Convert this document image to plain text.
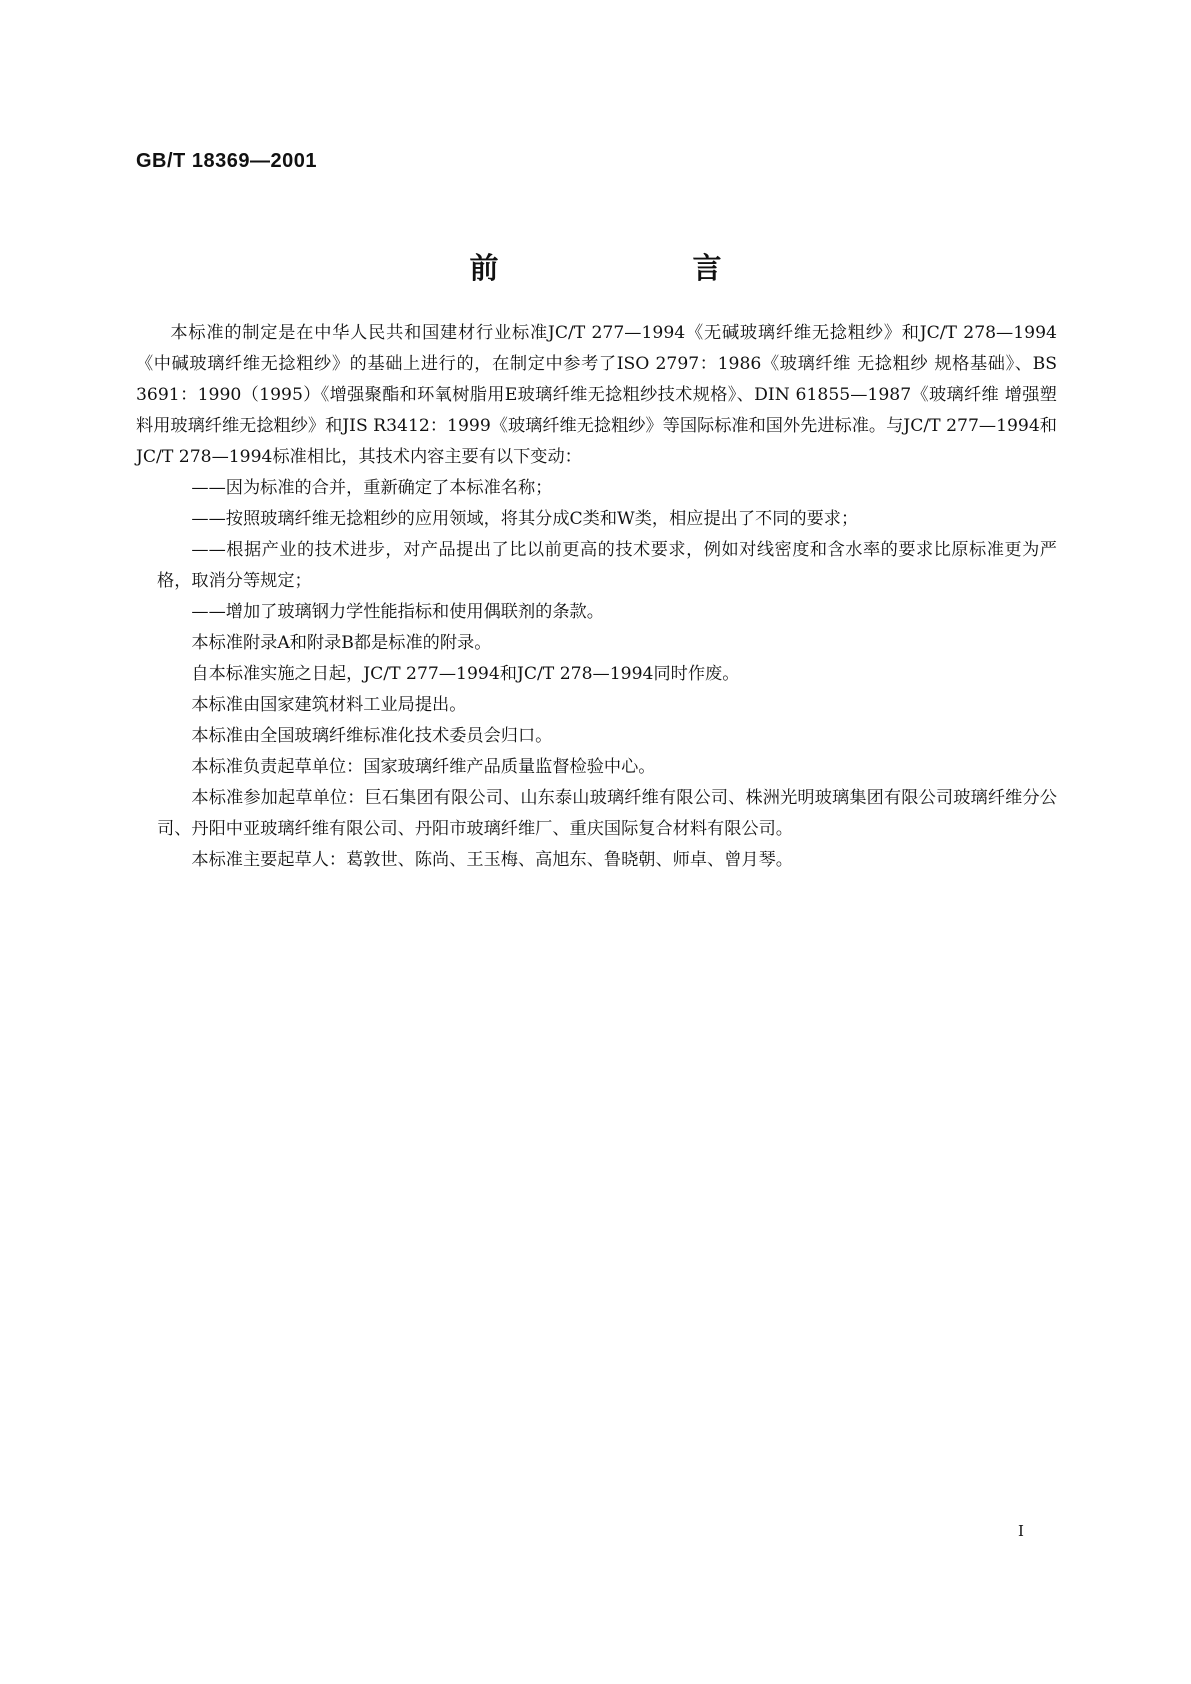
GB/T 18369—2001
前 言

本标准的制定是在中华人民共和国建材行业标准JC/T 277—1994《无碱玻璃纤维无捻粗纱》和JC/T 278—1994《中碱玻璃纤维无捻粗纱》的基础上进行的，在制定中参考了ISO 2797：1986《玻璃纤维 无捻粗纱 规格基础》、BS 3691：1990（1995）《增强聚酯和环氧树脂用E玻璃纤维无捻粗纱技术规格》、DIN 61855—1987《玻璃纤维 增强塑料用玻璃纤维无捻粗纱》和JIS R3412：1999《玻璃纤维无捻粗纱》等国际标准和国外先进标准。与JC/T 277—1994和JC/T 278—1994标准相比，其技术内容主要有以下变动：

——因为标准的合并，重新确定了本标准名称；

——按照玻璃纤维无捻粗纱的应用领域，将其分成C类和W类，相应提出了不同的要求；

——根据产业的技术进步，对产品提出了比以前更高的技术要求，例如对线密度和含水率的要求比原标准更为严格，取消分等规定；

——增加了玻璃钢力学性能指标和使用偶联剂的条款。

本标准附录A和附录B都是标准的附录。

自本标准实施之日起，JC/T 277—1994和JC/T 278—1994同时作废。

本标准由国家建筑材料工业局提出。

本标准由全国玻璃纤维标准化技术委员会归口。

本标准负责起草单位：国家玻璃纤维产品质量监督检验中心。

本标准参加起草单位：巨石集团有限公司、山东泰山玻璃纤维有限公司、株洲光明玻璃集团有限公司玻璃纤维分公司、丹阳中亚玻璃纤维有限公司、丹阳市玻璃纤维厂、重庆国际复合材料有限公司。

本标准主要起草人：葛敦世、陈尚、王玉梅、高旭东、鲁晓朝、师卓、曾月琴。

I
